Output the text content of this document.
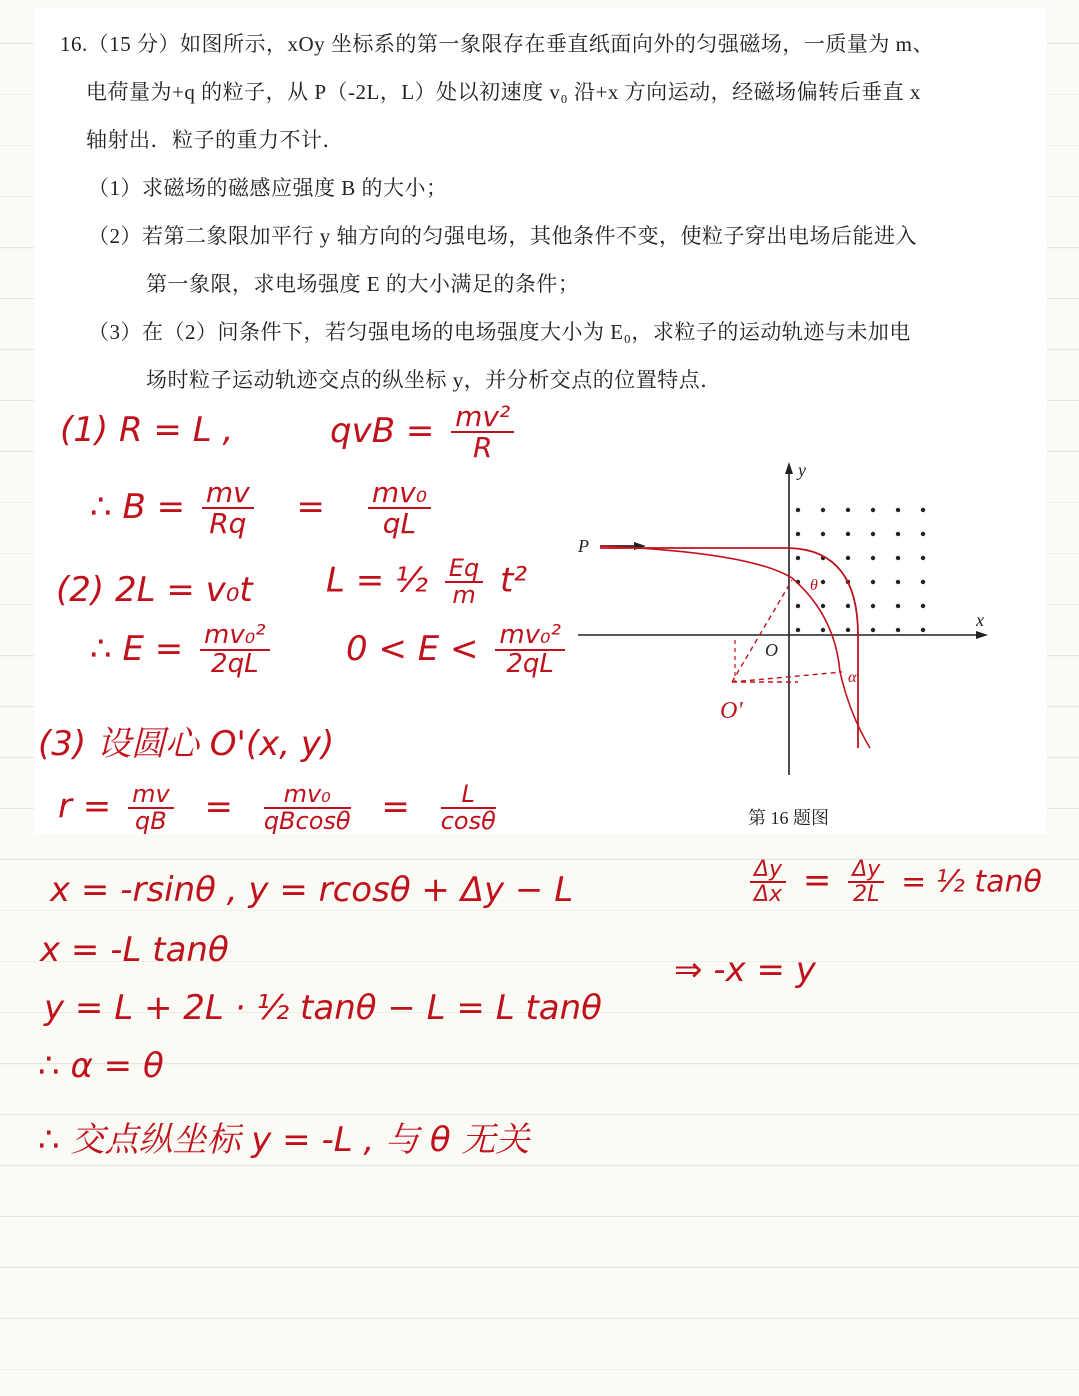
16.（15 分）如图所示，xOy 坐标系的第一象限存在垂直纸面向外的匀强磁场，一质量为 m、
电荷量为+q 的粒子，从 P（-2L，L）处以初速度 v₀ 沿+x 方向运动，经磁场偏转后垂直 x
轴射出．粒子的重力不计．
（1）求磁场的磁感应强度 B 的大小；
（2）若第二象限加平行 y 轴方向的匀强电场，其他条件不变，使粒子穿出电场后能进入
第一象限，求电场强度 E 的大小满足的条件；
（3）在（2）问条件下，若匀强电场的电场强度大小为 E₀，求粒子的运动轨迹与未加电
场时粒子运动轨迹交点的纵坐标 y，并分析交点的位置特点．
y
x
O
P
O'
θ
α
第 16 题图
(1) R = L ,	qvB = $\frac{\text{mv²}}{R}$
∴ $B = \frac{mv}{Rq} = \frac{\text{mv₀}}{qL}$
(2) 2L = v₀t L = ½ $\frac{Eq}{m} t^2$
∴ $E = \frac{\text{mv₀²}}{2qL} 0 < E < \frac{\text{mv₀²}}{2qL}$
(3) 设圆心 O'(x, y)
$r = \frac{mv}{qB} = \frac{\text{mv₀}}{qBcos\theta} = \frac{L}{\cos\theta}$
x = -rsinθ , y = rcosθ + Δy − L	$\frac{\Delta y}{\Delta x} = \frac{\Delta y}{2L}$ = ½ tanθ
x = -L tanθ	⇒ -x = y
y = L + 2L · ½ tanθ − L = L tanθ
∴ α = θ
∴ 交点纵坐标 y = -L , 与 θ 无关
